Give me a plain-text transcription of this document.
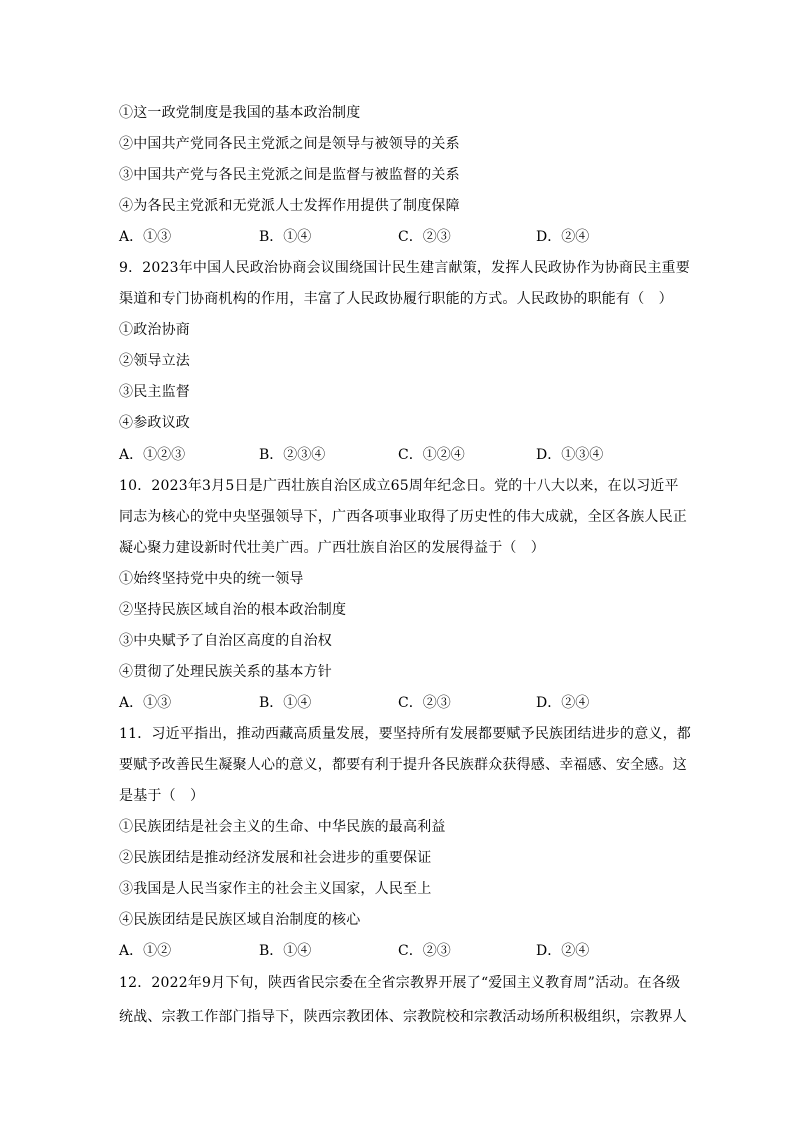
①这一政党制度是我国的基本政治制度
②中国共产党同各民主党派之间是领导与被领导的关系
③中国共产党与各民主党派之间是监督与被监督的关系
④为各民主党派和无党派人士发挥作用提供了制度保障
A．①③	B．①④	C．②③	D．②④
9．2023年中国人民政治协商会议围绕国计民生建言献策，发挥人民政协作为协商民主重要
渠道和专门协商机构的作用，丰富了人民政协履行职能的方式。人民政协的职能有（　）
①政治协商
②领导立法
③民主监督
④参政议政
A．①②③	B．②③④	C．①②④	D．①③④
10．2023年3月5日是广西壮族自治区成立65周年纪念日。党的十八大以来，在以习近平
同志为核心的党中央坚强领导下，广西各项事业取得了历史性的伟大成就，全区各族人民正
凝心聚力建设新时代壮美广西。广西壮族自治区的发展得益于（　）
①始终坚持党中央的统一领导
②坚持民族区域自治的根本政治制度
③中央赋予了自治区高度的自治权
④贯彻了处理民族关系的基本方针
A．①③	B．①④	C．②③	D．②④
11．习近平指出，推动西藏高质量发展，要坚持所有发展都要赋予民族团结进步的意义，都
要赋予改善民生凝聚人心的意义，都要有利于提升各民族群众获得感、幸福感、安全感。这
是基于（　）
①民族团结是社会主义的生命、中华民族的最高利益
②民族团结是推动经济发展和社会进步的重要保证
③我国是人民当家作主的社会主义国家，人民至上
④民族团结是民族区域自治制度的核心
A．①②	B．①④	C．②③	D．②④
12．2022年9月下旬，陕西省民宗委在全省宗教界开展了“爱国主义教育周”活动。在各级
统战、宗教工作部门指导下，陕西宗教团体、宗教院校和宗教活动场所积极组织，宗教界人
